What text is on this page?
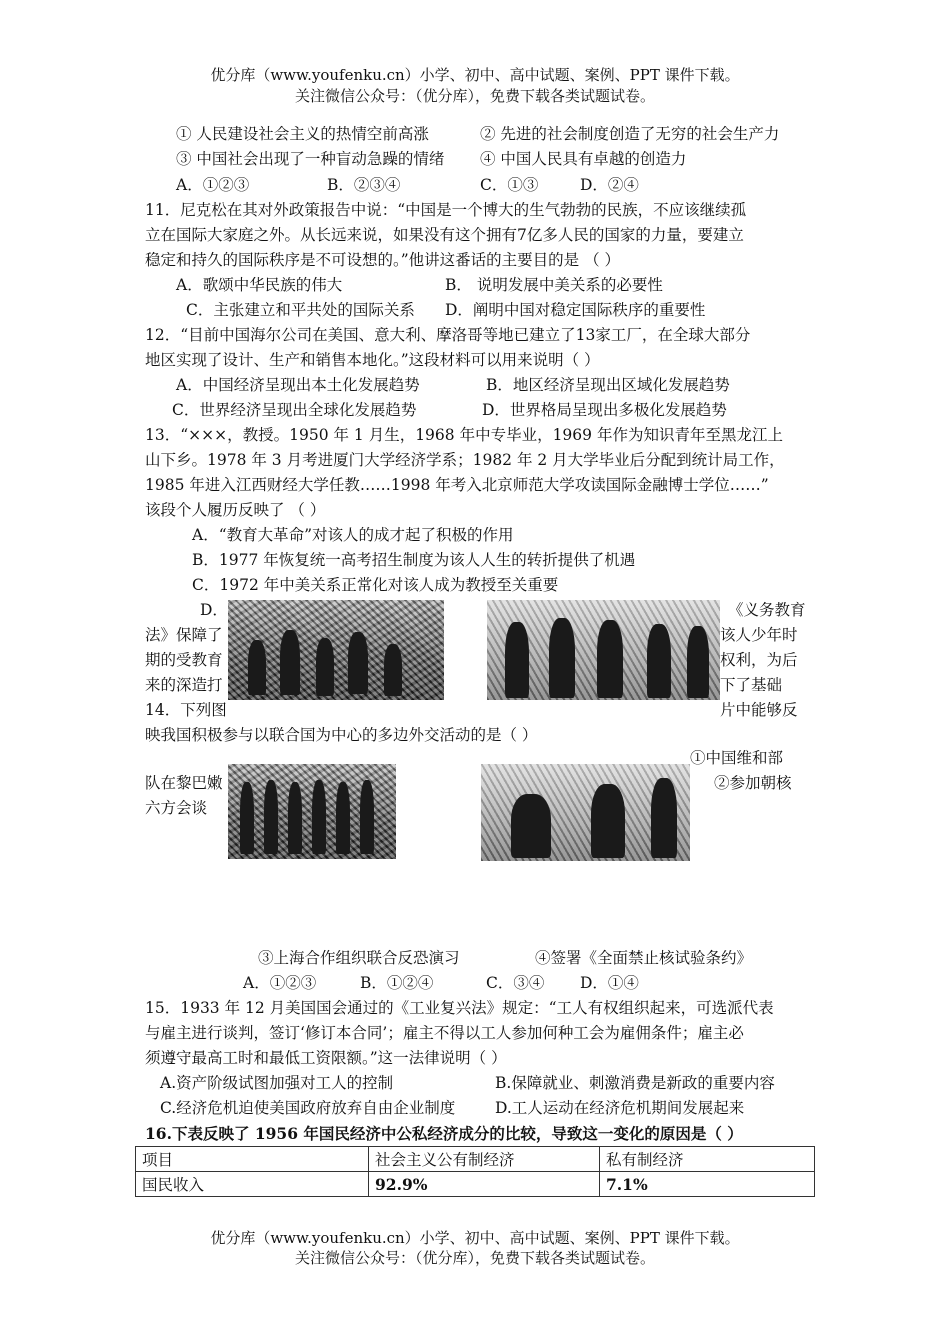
优分库（www.youfenku.cn）小学、初中、高中试题、案例、PPT 课件下载。
关注微信公众号：（优分库），免费下载各类试题试卷。
① 人民建设社会主义的热情空前高涨	② 先进的社会制度创造了无穷的社会生产力
③ 中国社会出现了一种盲动急躁的情绪 ④ 中国人民具有卓越的创造力
A．①②③	B．②③④	C．①③	D．②④
11．尼克松在其对外政策报告中说：“中国是一个博大的生气勃勃的民族，不应该继续孤
立在国际大家庭之外。从长远来说，如果没有这个拥有7亿多人民的国家的力量，要建立
稳定和持久的国际秩序是不可设想的。”他讲这番话的主要目的是 （ ）
A．歌颂中华民族的伟大	B． 说明发展中美关系的必要性
C．主张建立和平共处的国际关系 D．阐明中国对稳定国际秩序的重要性
12．“目前中国海尔公司在美国、意大利、摩洛哥等地已建立了13家工厂，在全球大部分
地区实现了设计、生产和销售本地化。”这段材料可以用来说明（ ）
A．中国经济呈现出本土化发展趋势	B．地区经济呈现出区域化发展趋势
C．世界经济呈现出全球化发展趋势	D．世界格局呈现出多极化发展趋势
13．“×××，教授。1950 年 1 月生，1968 年中专毕业，1969 年作为知识青年至黑龙江上
山下乡。1978 年 3 月考进厦门大学经济学系；1982 年 2 月大学毕业后分配到统计局工作，
1985 年进入江西财经大学任教……1998 年考入北京师范大学攻读国际金融博士学位……”
该段个人履历反映了 （ ）
A．“教育大革命”对该人的成才起了积极的作用
B．1977 年恢复统一高考招生制度为该人人生的转折提供了机遇
C．1972 年中美关系正常化对该人成为教授至关重要
D．	《义务教育
法》保障了	该人少年时
期的受教育	权利，为后
来的深造打	下了基础
14．下列图	片中能够反
映我国积极参与以联合国为中心的多边外交活动的是（ ）
①中国维和部
队在黎巴嫩	②参加朝核
六方会谈
③上海合作组织联合反恐演习	④签署《全面禁止核试验条约》
A．①②③	B．①②④	C．③④ D．①④
15．1933 年 12 月美国国会通过的《工业复兴法》规定：“工人有权组织起来，可选派代表
与雇主进行谈判，签订‘修订本合同’；雇主不得以工人参加何种工会为雇佣条件；雇主必
须遵守最高工时和最低工资限额。”这一法律说明（ ）
A.资产阶级试图加强对工人的控制	B.保障就业、刺激消费是新政的重要内容
C.经济危机迫使美国政府放弃自由企业制度	D.工人运动在经济危机期间发展起来
16.下表反映了 1956 年国民经济中公私经济成分的比较，导致这一变化的原因是（ ）
项目	社会主义公有制经济	私有制经济
国民收入	92.9%	7.1%
优分库（www.youfenku.cn）小学、初中、高中试题、案例、PPT 课件下载。
关注微信公众号：（优分库），免费下载各类试题试卷。
